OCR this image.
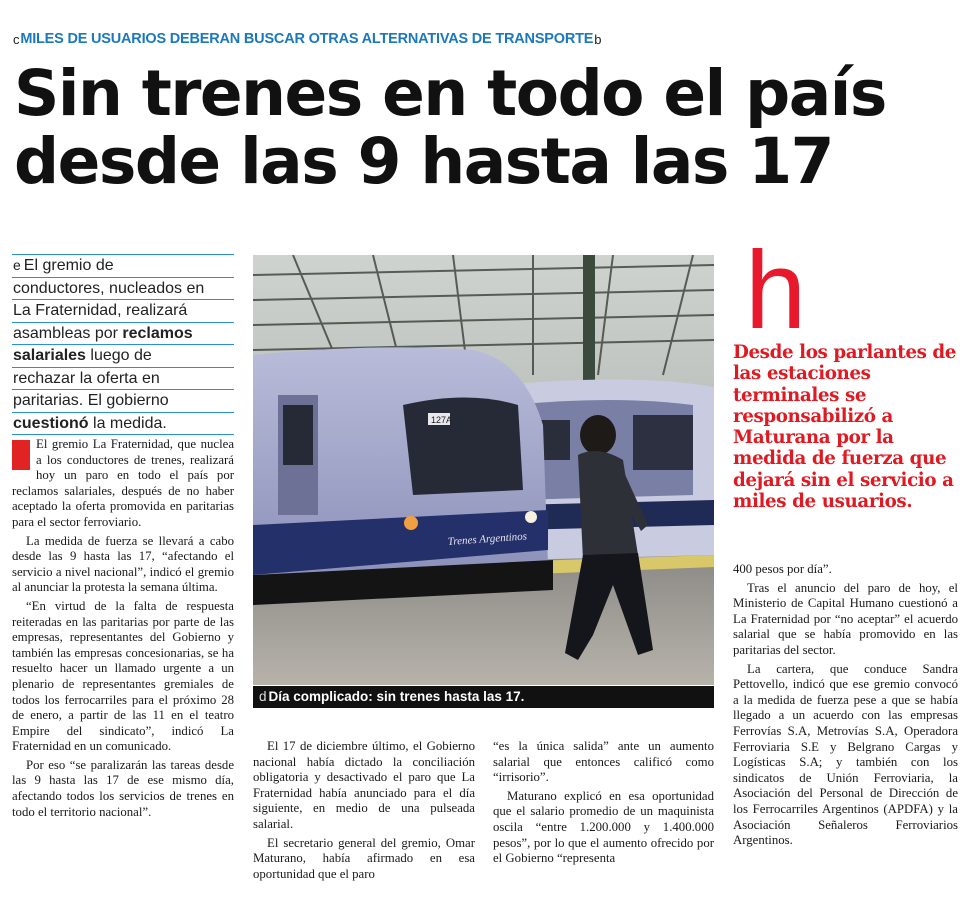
c MILES DE USUARIOS DEBERAN BUSCAR OTRAS ALTERNATIVAS DE TRANSPORTE b
Sin trenes en todo el país
desde las 9 hasta las 17
e El gremio de
conductores, nucleados en
La Fraternidad, realizará
asambleas por reclamos
salariales luego de
rechazar la oferta en
paritarias. El gobierno
cuestionó la medida.

El gremio La Fraternidad, que nuclea a los conductores de trenes, realizará hoy un paro en todo el país por reclamos salariales, después de no haber aceptado la oferta promovida en paritarias para el sector ferroviario.

La medida de fuerza se llevará a cabo desde las 9 hasta las 17, “afectando el servicio a nivel nacional”, indicó el gremio al anunciar la protesta la semana última.

“En virtud de la falta de respuesta reiteradas en las paritarias por parte de las empresas, representantes del Gobierno y también las empresas concesionarias, se ha resuelto hacer un llamado urgente a un plenario de representantes gremiales de todos los ferrocarriles para el próximo 28 de enero, a partir de las 11 en el teatro Empire del sindicato”, indicó La Fraternidad en un comunicado.

Por eso “se paralizarán las tareas desde las 9 hasta las 17 de ese mismo día, afectando todos los servicios de trenes en todo el territorio nacional”.

127A
Trenes Argentinos
d Día complicado: sin trenes hasta las 17.

El 17 de diciembre último, el Gobierno nacional había dictado la conciliación obligatoria y desactivado el paro que La Fraternidad había anunciado para el día siguiente, en medio de una pulseada salarial.

El secretario general del gremio, Omar Maturano, había afirmado en esa oportunidad que el paro

“es la única salida” ante un aumento salarial que entonces calificó como “irrisorio”.

Maturano explicó en esa oportunidad que el salario promedio de un maquinista oscila “entre 1.200.000 y 1.400.000 pesos”, por lo que el aumento ofrecido por el Gobierno “representa

h
Desde los parlantes de las estaciones terminales se responsabilizó a Maturana por la medida de fuerza que dejará sin el servicio a miles de usuarios.

400 pesos por día”.

Tras el anuncio del paro de hoy, el Ministerio de Capital Humano cuestionó a La Fraternidad por “no aceptar” el acuerdo salarial que se había promovido en las paritarias del sector.

La cartera, que conduce Sandra Pettovello, indicó que ese gremio convocó a la medida de fuerza pese a que se había llegado a un acuerdo con las empresas Ferrovías S.A, Metrovías S.A, Operadora Ferroviaria S.E y Belgrano Cargas y Logísticas S.A; y también con los sindicatos de Unión Ferroviaria, la Asociación del Personal de Dirección de los Ferrocarriles Argentinos (APDFA) y la Asociación Señaleros Ferroviarios Argentinos.
